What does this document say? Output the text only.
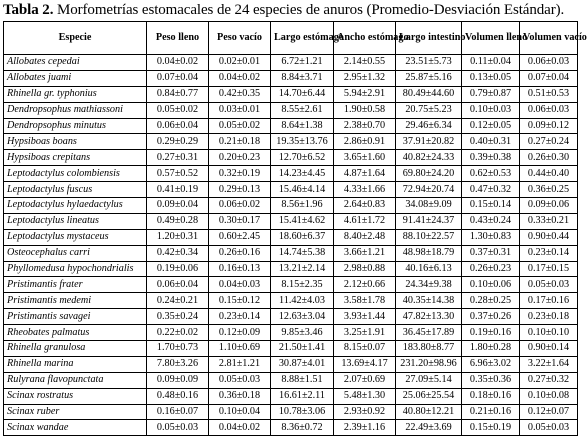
Tabla 2. Morfometrías estomacales de 24 especies de anuros (Promedio-Desviación Estándar).
Especie	Peso lleno	Peso vacío	Largo estómago	Ancho estómago	Largo intestino	Volumen lleno	Volumen vacío
Allobates cepedai	0.04±0.02	0.02±0.01	6.72±1.21	2.14±0.55	23.51±5.73	0.11±0.04	0.06±0.03
Allobates juami	0.07±0.04	0.04±0.02	8.84±3.71	2.95±1.32	25.87±5.16	0.13±0.05	0.07±0.04
Rhinella gr. typhonius	0.84±0.77	0.42±0.35	14.70±6.44	5.94±2.91	80.49±44.60	0.79±0.87	0.51±0.53
Dendropsophus mathiassoni	0.05±0.02	0.03±0.01	8.55±2.61	1.90±0.58	20.75±5.23	0.10±0.03	0.06±0.03
Dendropsophus minutus	0.06±0.04	0.05±0.02	8.64±1.38	2.38±0.70	29.46±6.34	0.12±0.05	0.09±0.12
Hypsiboas boans	0.29±0.29	0.21±0.18	19.35±13.76	2.86±0.91	37.91±20.82	0.40±0.31	0.27±0.24
Hypsiboas crepitans	0.27±0.31	0.20±0.23	12.70±6.52	3.65±1.60	40.82±24.33	0.39±0.38	0.26±0.30
Leptodactylus colombiensis	0.57±0.52	0.32±0.19	14.23±4.45	4.87±1.64	69.80±24.20	0.62±0.53	0.44±0.40
Leptodactylus fuscus	0.41±0.19	0.29±0.13	15.46±4.14	4.33±1.66	72.94±20.74	0.47±0.32	0.36±0.25
Leptodactylus hylaedactylus	0.09±0.04	0.06±0.02	8.56±1.96	2.64±0.83	34.08±9.09	0.15±0.14	0.09±0.06
Leptodactylus lineatus	0.49±0.28	0.30±0.17	15.41±4.62	4.61±1.72	91.41±24.37	0.43±0.24	0.33±0.21
Leptodactylus mystaceus	1.20±0.31	0.60±2.45	18.60±6.37	8.40±2.48	88.10±22.57	1.30±0.83	0.90±0.44
Osteocephalus carri	0.42±0.34	0.26±0.16	14.74±5.38	3.66±1.21	48.98±18.79	0.37±0.31	0.23±0.14
Phyllomedusa hypochondrialis	0.19±0.06	0.16±0.13	13.21±2.14	2.98±0.88	40.16±6.13	0.26±0.23	0.17±0.15
Pristimantis frater	0.06±0.04	0.04±0.03	8.15±2.35	2.12±0.66	24.34±9.38	0.10±0.06	0.05±0.03
Pristimantis medemi	0.24±0.21	0.15±0.12	11.42±4.03	3.58±1.78	40.35±14.38	0.28±0.25	0.17±0.16
Pristimantis savagei	0.35±0.24	0.23±0.14	12.63±3.04	3.93±1.44	47.82±13.30	0.37±0.26	0.23±0.18
Rheobates palmatus	0.22±0.02	0.12±0.09	9.85±3.46	3.25±1.91	36.45±17.89	0.19±0.16	0.10±0.10
Rhinella granulosa	1.70±0.73	1.10±0.69	21.50±1.41	8.15±0.07	183.80±8.77	1.80±0.28	0.90±0.14
Rhinella marina	7.80±3.26	2.81±1.21	30.87±4.01	13.69±4.17	231.20±98.96	6.96±3.02	3.22±1.64
Rulyrana flavopunctata	0.09±0.09	0.05±0.03	8.88±1.51	2.07±0.69	27.09±5.14	0.35±0.36	0.27±0.32
Scinax rostratus	0.48±0.16	0.36±0.18	16.61±2.11	5.48±1.30	25.06±25.54	0.18±0.16	0.10±0.08
Scinax ruber	0.16±0.07	0.10±0.04	10.78±3.06	2.93±0.92	40.80±12.21	0.21±0.16	0.12±0.07
Scinax wandae	0.05±0.03	0.04±0.02	8.36±0.72	2.39±1.16	22.49±3.69	0.15±0.19	0.05±0.03
